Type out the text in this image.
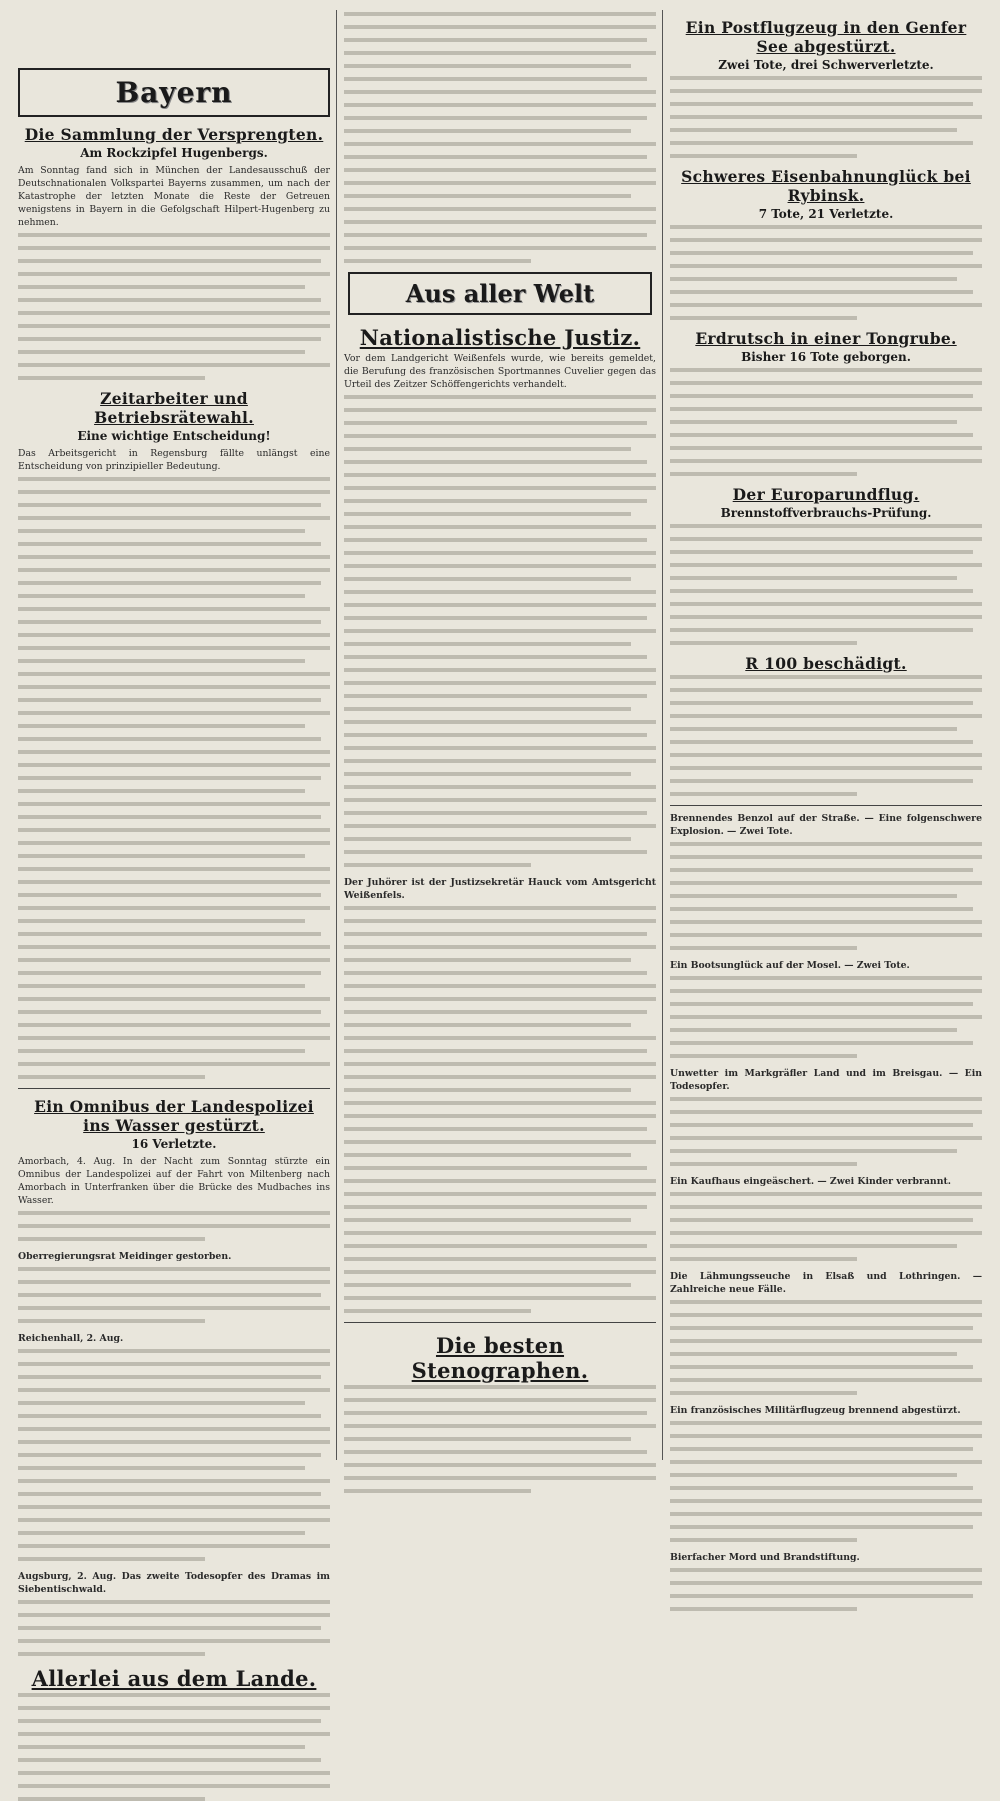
Bayern
Die Sammlung der Versprengten.
Am Rockzipfel Hugenbergs.

Am Sonntag fand sich in München der Landesausschuß der Deutschnationalen Volkspartei Bayerns zusammen, um nach der Katastrophe der letzten Monate die Reste der Getreuen wenigstens in Bayern in die Gefolgschaft Hilpert-Hugenberg zu nehmen.

Zeitarbeiter und Betriebsrätewahl.
Eine wichtige Entscheidung!

Das Arbeitsgericht in Regensburg fällte unlängst eine Entscheidung von prinzipieller Bedeutung.

Ein Omnibus der Landespolizei ins Wasser gestürzt.
16 Verletzte.

Amorbach, 4. Aug. In der Nacht zum Sonntag stürzte ein Omnibus der Landespolizei auf der Fahrt von Miltenberg nach Amorbach in Unterfranken über die Brücke des Mudbaches ins Wasser.

Oberregierungsrat Meidinger gestorben.

Reichenhall, 2. Aug.

Augsburg, 2. Aug. Das zweite Todesopfer des Dramas im Siebentischwald.

Allerlei aus dem Lande.
Aus aller Welt
Nationalistische Justiz.

Vor dem Landgericht Weißenfels wurde, wie bereits gemeldet, die Berufung des französischen Sportmannes Cuvelier gegen das Urteil des Zeitzer Schöffengerichts verhandelt.

Der Juhörer ist der Justizsekretär Hauck vom Amtsgericht Weißenfels.

Die besten Stenographen.
Ein Postflugzeug in den Genfer See abgestürzt.
Zwei Tote, drei Schwerverletzte.
Schweres Eisenbahnunglück bei Rybinsk.
7 Tote, 21 Verletzte.
Erdrutsch in einer Tongrube.
Bisher 16 Tote geborgen.
Der Europarundflug.
Brennstoffverbrauchs-Prüfung.
R 100 beschädigt.

Brennendes Benzol auf der Straße. — Eine folgenschwere Explosion. — Zwei Tote.

Ein Bootsunglück auf der Mosel. — Zwei Tote.

Unwetter im Markgräfler Land und im Breisgau. — Ein Todesopfer.

Ein Kaufhaus eingeäschert. — Zwei Kinder verbrannt.

Die Lähmungsseuche in Elsaß und Lothringen. — Zahlreiche neue Fälle.

Ein französisches Militärflugzeug brennend abgestürzt.

Bierfacher Mord und Brandstiftung.
